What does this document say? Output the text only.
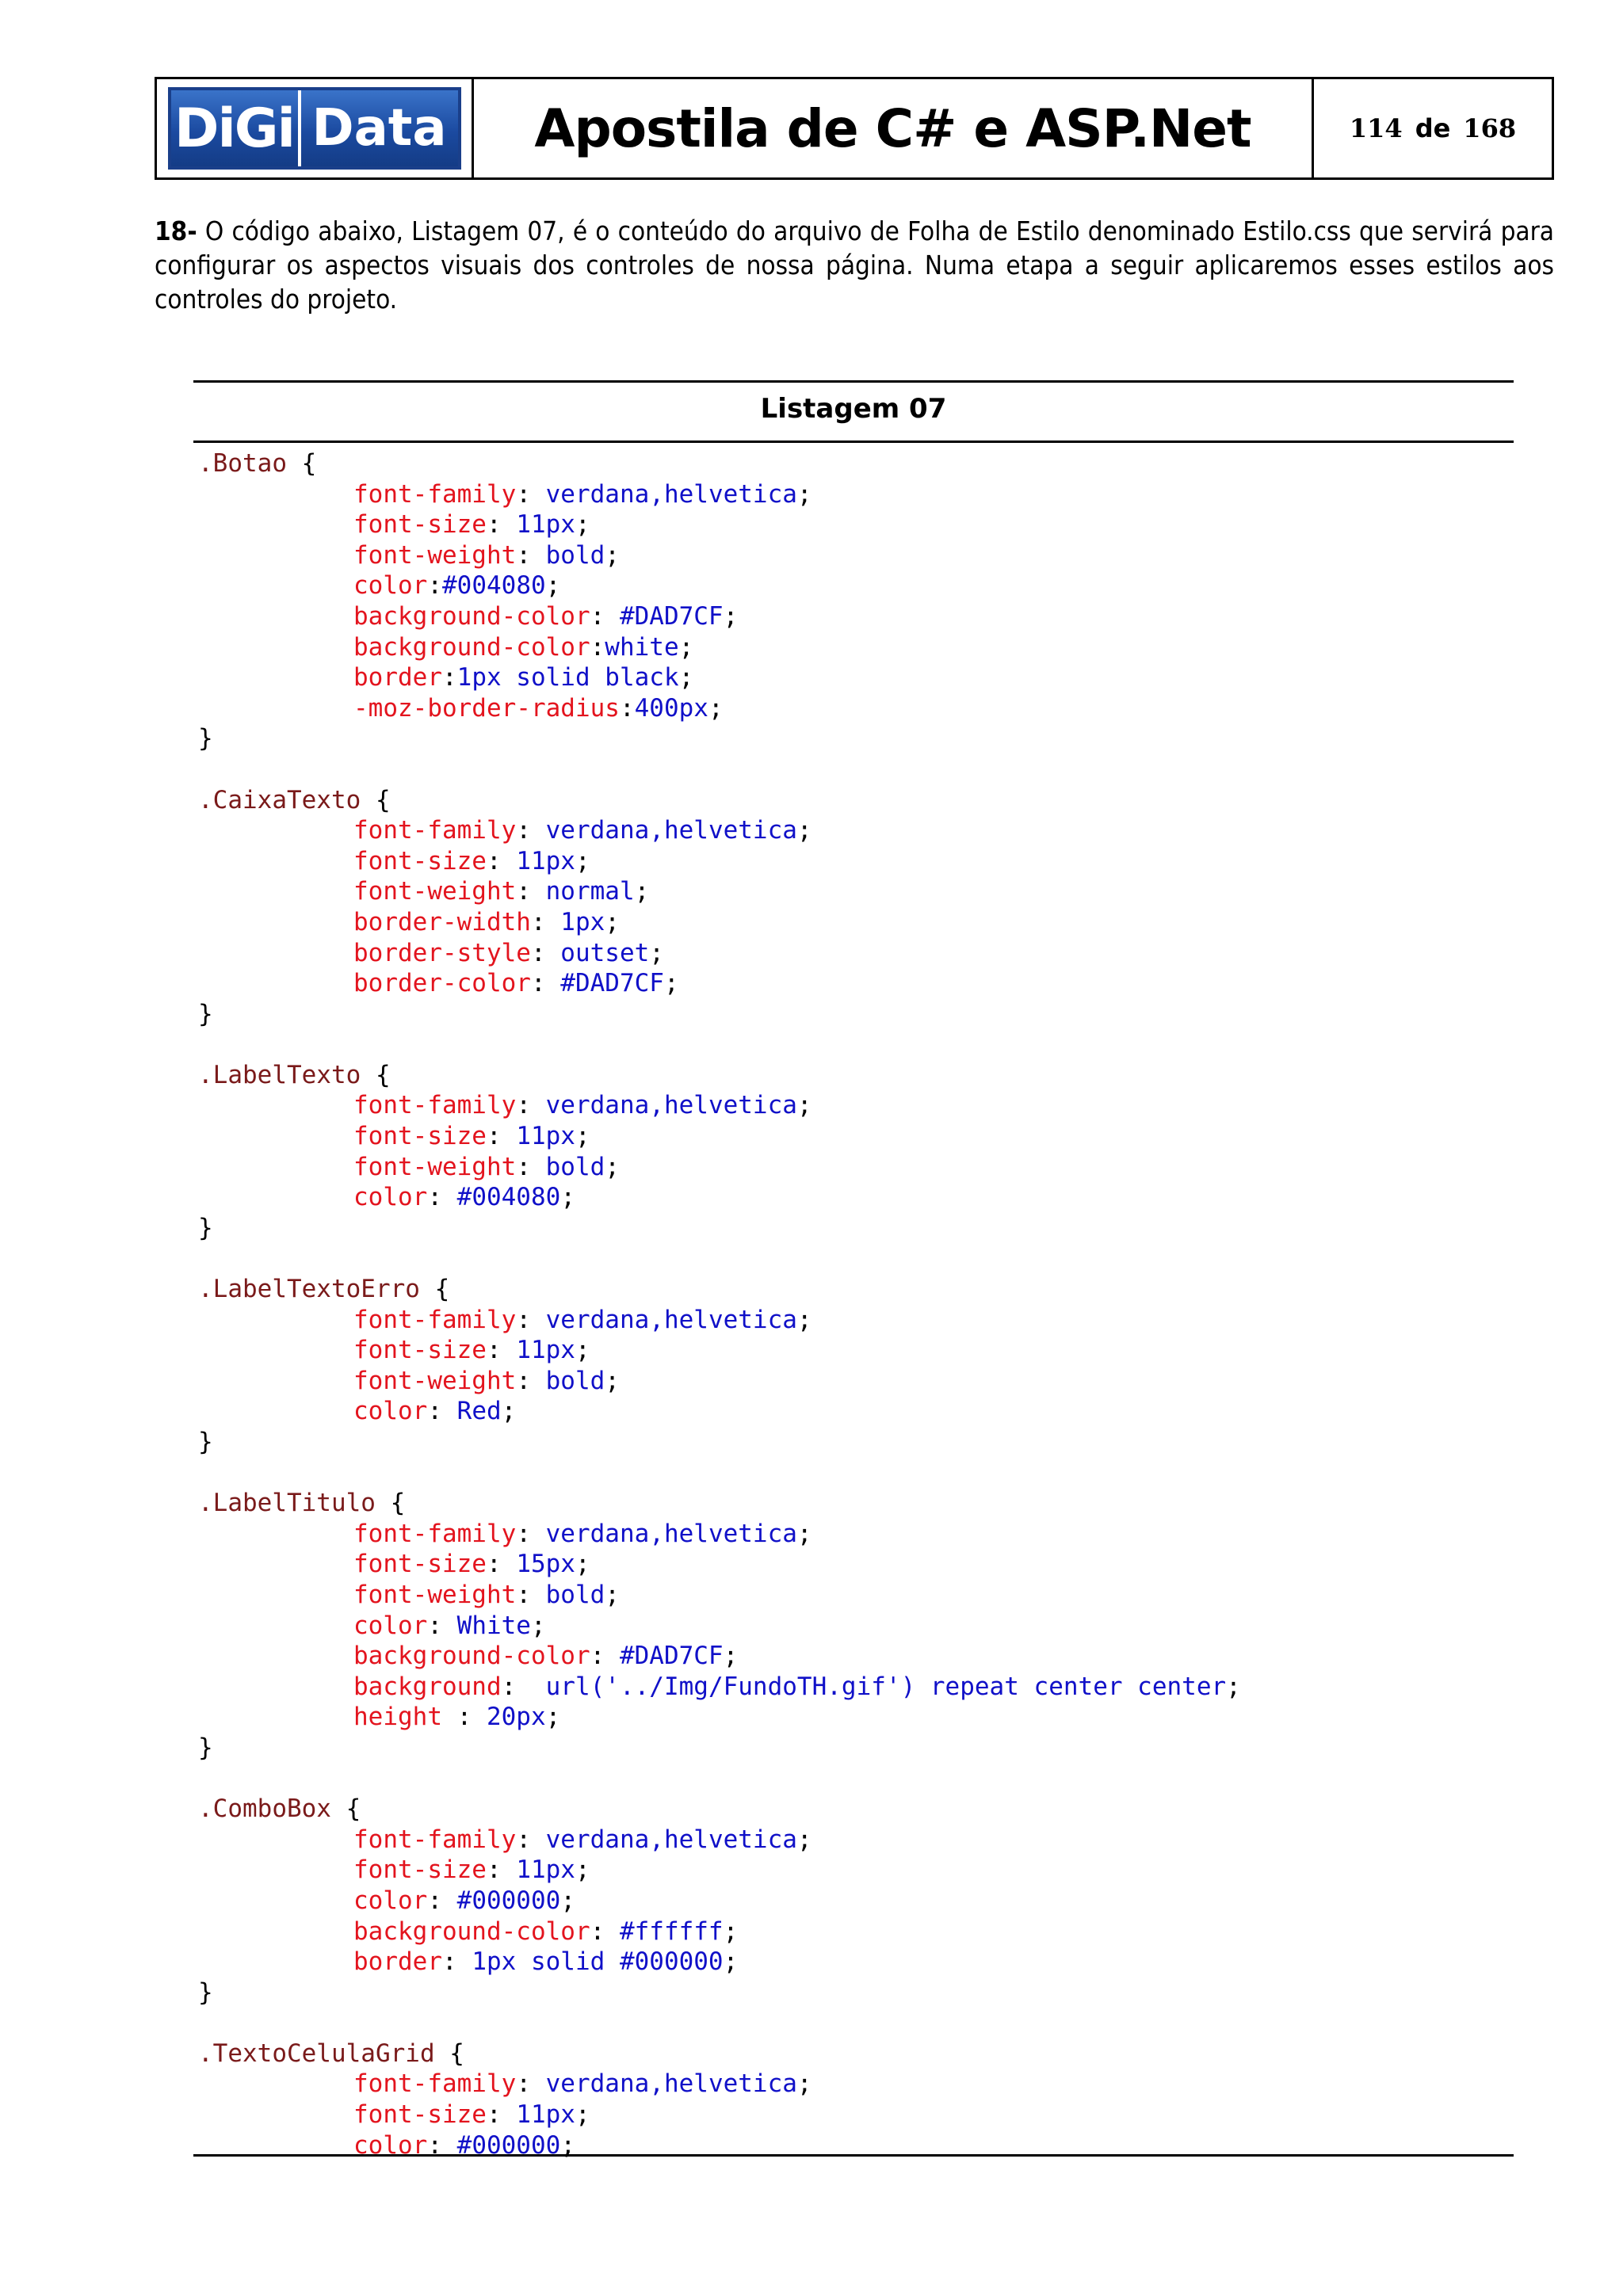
DiGi Data Apostila de C# e ASP.Net	114 de 168

18- O código abaixo, Listagem 07, é o conteúdo do arquivo de Folha de Estilo denominado Estilo.css que servirá para configurar os aspectos visuais dos controles de nossa página. Numa etapa a seguir aplicaremos esses estilos aos controles do projeto.

Listagem 07
.Botao {
font-family: verdana,helvetica;
font-size: 11px;
font-weight: bold;
color:#004080;
background-color: #DAD7CF;
background-color:white;
border:1px solid black;
-moz-border-radius:400px;
}
.CaixaTexto {
font-family: verdana,helvetica;
font-size: 11px;
font-weight: normal;
border-width: 1px;
border-style: outset;
border-color: #DAD7CF;
}
.LabelTexto {
font-family: verdana,helvetica;
font-size: 11px;
font-weight: bold;
color: #004080;
}
.LabelTextoErro {
font-family: verdana,helvetica;
font-size: 11px;
font-weight: bold;
color: Red;
}
.LabelTitulo {
font-family: verdana,helvetica;
font-size: 15px;
font-weight: bold;
color: White;
background-color: #DAD7CF;
background:  url('../Img/FundoTH.gif') repeat center center;
height : 20px;
}
.ComboBox {
font-family: verdana,helvetica;
font-size: 11px;
color: #000000;
background-color: #ffffff;
border: 1px solid #000000;
}
.TextoCelulaGrid {
font-family: verdana,helvetica;
font-size: 11px;
color: #000000;
